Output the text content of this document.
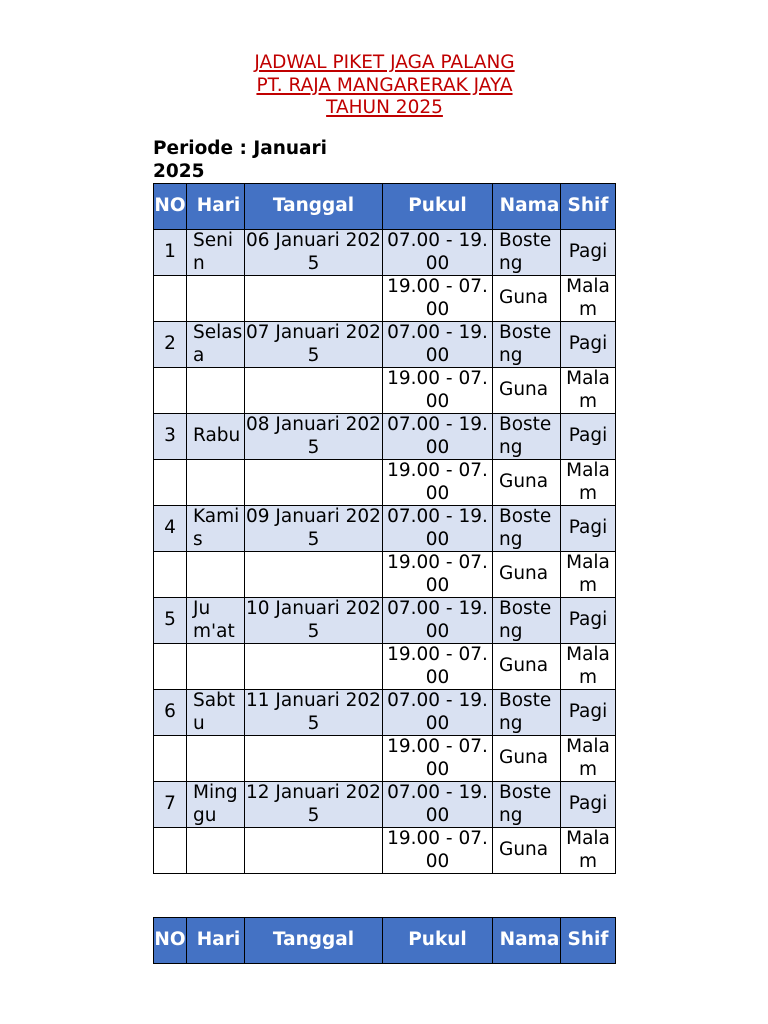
JADWAL PIKET JAGA PALANG
PT. RAJA MANGARERAK JAYA
TAHUN 2025
Periode : Januari 2025
NO	Hari	Tanggal	Pukul	Nama	Shif
1	Senin	06 Januari 2025	07.00 - 19.00	Bosteng	Pagi
			19.00 - 07.00	Guna	Malam
2	Selasa	07 Januari 2025	07.00 - 19.00	Bosteng	Pagi
			19.00 - 07.00	Guna	Malam
3	Rabu	08 Januari 2025	07.00 - 19.00	Bosteng	Pagi
			19.00 - 07.00	Guna	Malam
4	Kamis	09 Januari 2025	07.00 - 19.00	Bosteng	Pagi
			19.00 - 07.00	Guna	Malam
5	Jum'at	10 Januari 2025	07.00 - 19.00	Bosteng	Pagi
			19.00 - 07.00	Guna	Malam
6	Sabtu	11 Januari 2025	07.00 - 19.00	Bosteng	Pagi
			19.00 - 07.00	Guna	Malam
7	Minggu	12 Januari 2025	07.00 - 19.00	Bosteng	Pagi
			19.00 - 07.00	Guna	Malam
NO	Hari	Tanggal	Pukul	Nama	Shif
